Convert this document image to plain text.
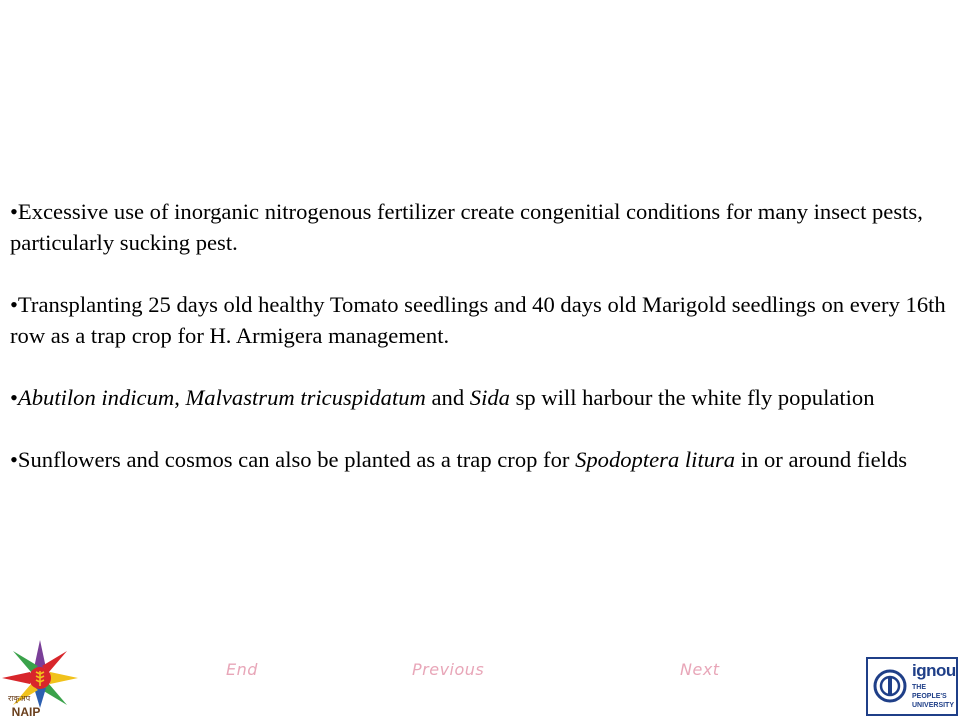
•Excessive use of inorganic nitrogenous fertilizer create congenitial conditions for many insect pests, particularly sucking pest.

•Transplanting 25 days old healthy Tomato seedlings and 40 days old Marigold seedlings on every 16th row as a trap crop for H. Armigera management.

•Abutilon indicum, Malvastrum tricuspidatum and Sida sp will harbour the white fly population

•Sunflowers and cosmos can also be planted as a trap crop for Spodoptera litura in or around fields

End	Previous	Next
राकृअप
NAIP
ignou
THE PEOPLE'S UNIVERSITY
